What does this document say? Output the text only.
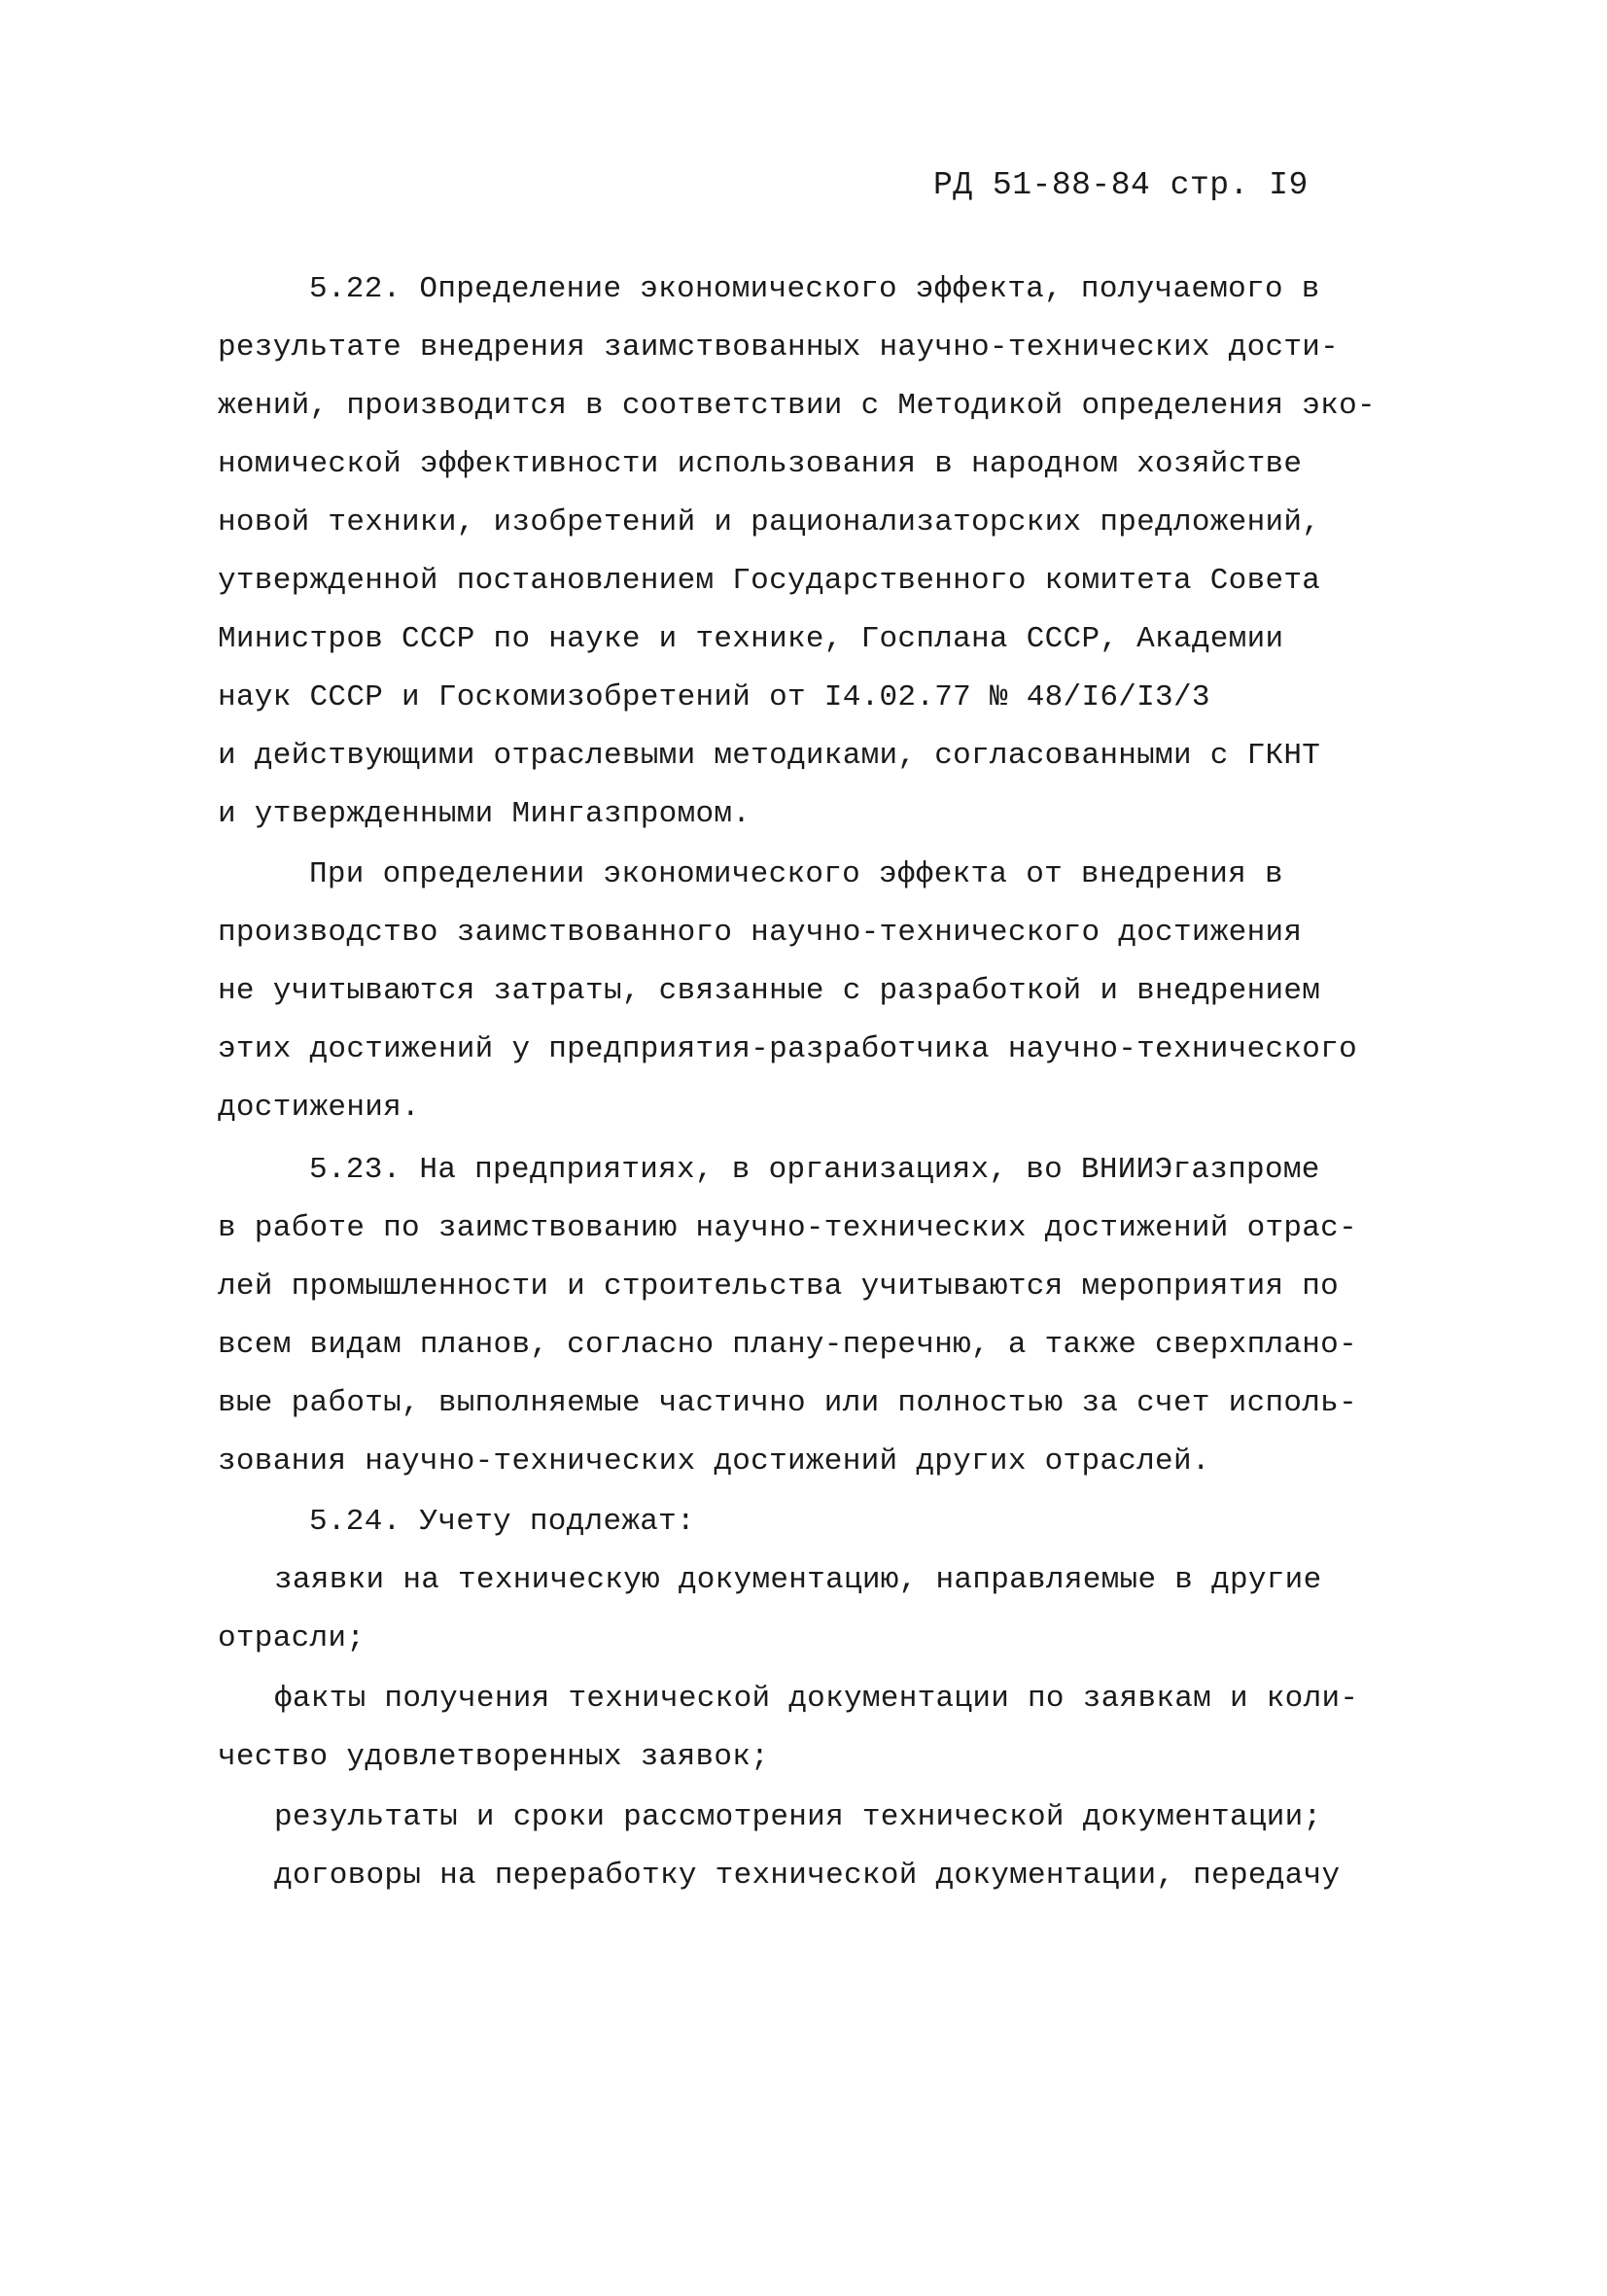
РД 51-88-84 стр. I9
5.22. Определение экономического эффекта, получаемого в
результате внедрения заимствованных научно-технических дости-
жений, производится в соответствии с Методикой определения эко-
номической эффективности использования в народном хозяйстве
новой техники, изобретений и рационализаторских предложений,
утвержденной постановлением Государственного комитета Совета
Министров СССР по науке и технике, Госплана СССР, Академии
наук СССР и Госкомизобретений от I4.02.77 № 48/I6/I3/3
и действующими отраслевыми методиками, согласованными с ГКНТ
и утвержденными Мингазпромом.
При определении экономического эффекта от внедрения в
производство заимствованного научно-технического достижения
не учитываются затраты, связанные с разработкой и внедрением
этих достижений у предприятия-разработчика научно-технического
достижения.
5.23. На предприятиях, в организациях, во ВНИИЭгазпроме
в работе по заимствованию научно-технических достижений отрас-
лей промышленности и строительства учитываются мероприятия по
всем видам планов, согласно плану-перечню, а также сверхплано-
вые работы, выполняемые частично или полностью за счет исполь-
зования научно-технических достижений других отраслей.
5.24. Учету подлежат:
заявки на техническую документацию, направляемые в другие
отрасли;
факты получения технической документации по заявкам и коли-
чество удовлетворенных заявок;
результаты и сроки рассмотрения технической документации;
договоры на переработку технической документации, передачу
